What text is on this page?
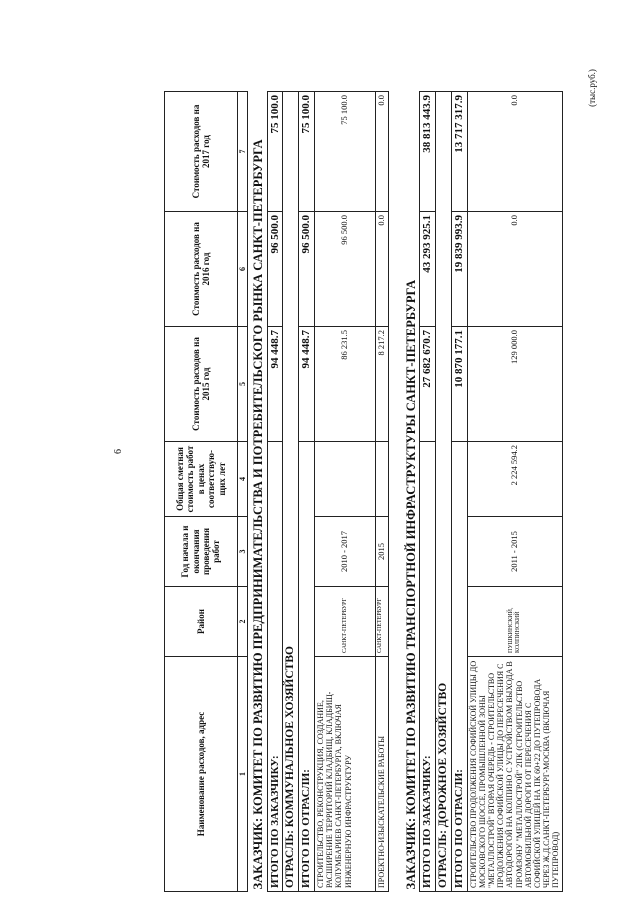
6
(тыс.руб.)
Наименование расходов, адрес	Район	Год начала и окончания проведения работ	Общая сметная стоимость работ в ценах соответствую-щих лет	Стоимость расходов на 2015 год	Стоимость расходов на 2016 год	Стоимость расходов на 2017 год
1	2	3	4	5	6	7
ЗАКАЗЧИК: КОМИТЕТ ПО РАЗВИТИЮ ПРЕДПРИНИМАТЕЛЬСТВА И ПОТРЕБИТЕЛЬСКОГО РЫНКА САНКТ-ПЕТЕРБУРГА						
ИТОГО ПО ЗАКАЗЧИКУ:				94 448.7	96 500.0	75 100.0
ОТРАСЛЬ: КОММУНАЛЬНОЕ ХОЗЯЙСТВО						
ИТОГО ПО ОТРАСЛИ:				94 448.7	96 500.0	75 100.0
СТРОИТЕЛЬСТВО, РЕКОНСТРУКЦИЯ, СОЗДАНИЕ, РАСШИРЕНИЕ ТЕРРИТОРИЙ КЛАДБИЩ, КЛАДБИЩ-КОЛУМБАРИЕВ САНКТ-ПЕТЕРБУРГА, ВКЛЮЧАЯ ИНЖЕНЕРНУЮ ИНФРАСТРУКТУРУ	САНКТ-ПЕТЕРБУРГ	2010 - 2017		86 231.5	96 500.0	75 100.0
ПРОЕКТНО-ИЗЫСКАТЕЛЬСКИЕ РАБОТЫ	САНКТ-ПЕТЕРБУРГ	2015		8 217.2	0.0	0.0

ЗАКАЗЧИК: КОМИТЕТ ПО РАЗВИТИЮ ТРАНСПОРТНОЙ ИНФРАСТРУКТУРЫ САНКТ-ПЕТЕРБУРГА						
ИТОГО ПО ЗАКАЗЧИКУ:				27 682 670.7	43 293 925.1	38 813 443.9
ОТРАСЛЬ: ДОРОЖНОЕ ХОЗЯЙСТВО						
ИТОГО ПО ОТРАСЛИ:				10 870 177.1	19 839 993.9	13 717 317.9
СТРОИТЕЛЬСТВО ПРОДОЛЖЕНИЯ СОФИЙСКОЙ УЛИЦЫ ДО МОСКОВСКОГО ШОССЕ, ПРОМЫШЛЕННОЙ ЗОНЫ "МЕТАЛЛОСТРОЙ" ВТОРАЯ ОЧЕРЕДЬ - СТРОИТЕЛЬСТВО ПРОДОЛЖЕНИЯ СОФИЙСКОЙ УЛИЦЫ ДО ПЕРЕСЕЧЕНИЯ С АВТОДОРОГОЙ НА КОЛПИНО С УСТРОЙСТВОМ ВЫХОДА В ПРОМЗОНУ "МЕТАЛЛОСТРОЙ" 2ПК (СТРОИТЕЛЬСТВО АВТОМОБИЛЬНОЙ ДОРОГИ ОТ ПЕРЕСЕЧЕНИЯ С СОФИЙСКОЙ УЛИЦЕЙ НА ПК 60+22 ДО ПУТЕПРОВОДА ЧЕРЕЗ Ж.Д.САНКТ-ПЕТЕРБУРГ-МОСКВА (ВКЛЮЧАЯ ПУТЕПРОВОД)	ПУШКИНСКИЙ, КОЛПИНСКИЙ	2011 - 2015	2 224 594.2	129 000.0	0.0	0.0
